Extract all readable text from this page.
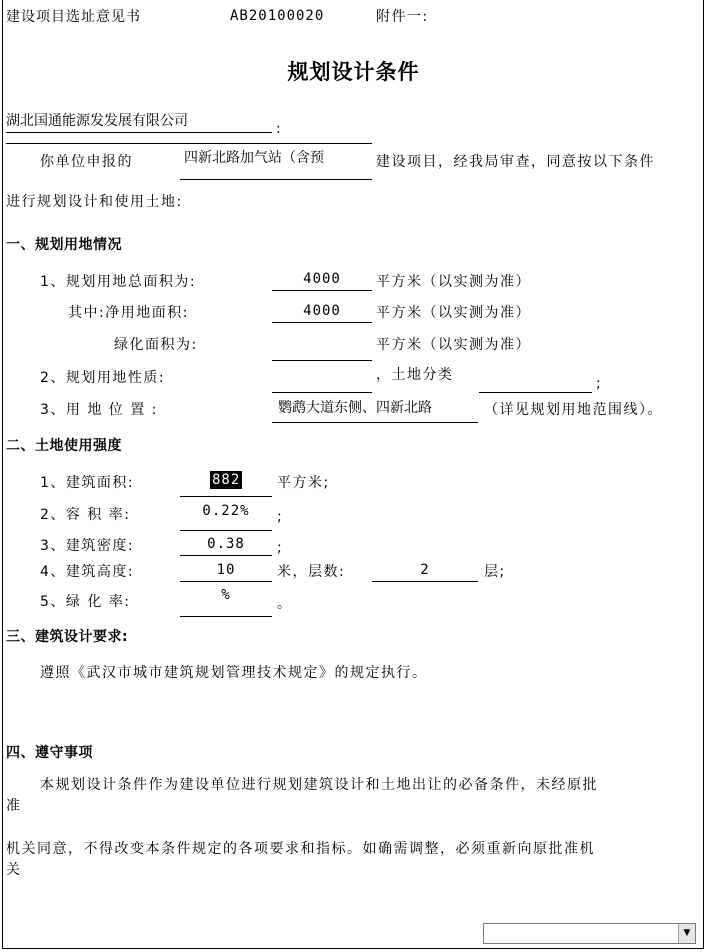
建设项目选址意见书	AB20100020	附件一:
规划设计条件
湖北国通能源发发展有限公司	:
你单位申报的	四新北路加气站（含预	建设项目，经我局审查，同意按以下条件
进行规划设计和使用土地:
一、规划用地情况
1、规划用地总面积为:	4000	平方米（以实测为准）
其中:净用地面积:	4000	平方米（以实测为准）
绿化面积为:	平方米（以实测为准）
2、规划用地性质:	，土地分类
;
3、用 地 位 置 :	鹦鹉大道东侧、四新北路	（详见规划用地范围线）。
二、土地使用强度
1、建筑面积:	882	平方米;
2、容 积 率:	0.22%	;
3、建筑密度:	0.38	;
4、建筑高度:	10	米，层数:	2	层;
5、绿 化 率:	%
。
三、建筑设计要求:
遵照《武汉市城市建筑规划管理技术规定》的规定执行。
四、遵守事项
本规划设计条件作为建设单位进行规划建筑设计和土地出让的必备条件，未经原批
准
机关同意，不得改变本条件规定的各项要求和指标。如确需调整，必须重新向原批准机
关
▼
